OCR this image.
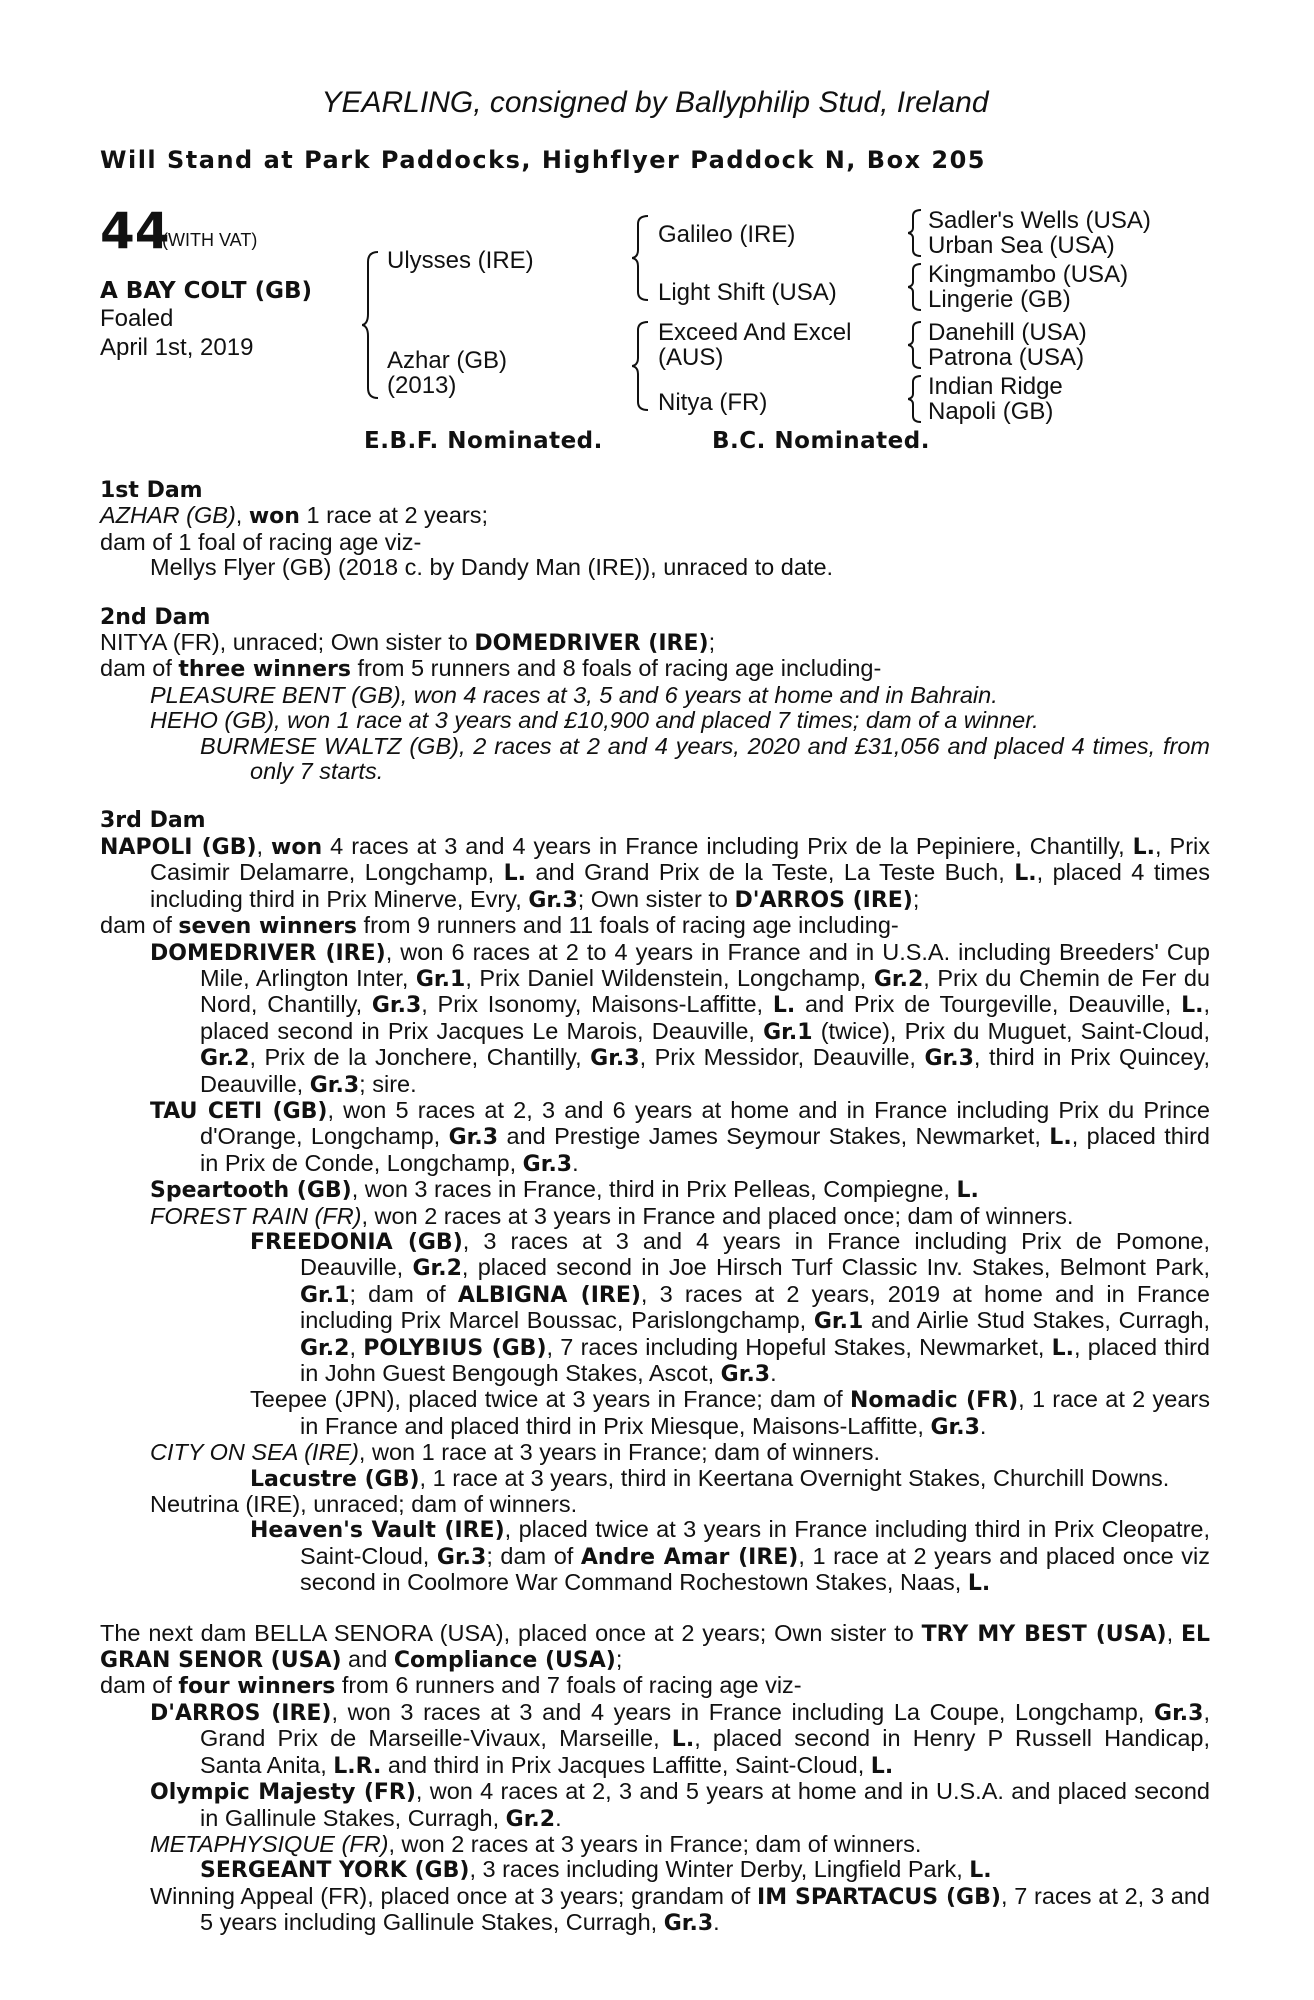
YEARLING, consigned by Ballyphilip Stud, Ireland
Will Stand at Park Paddocks, Highflyer Paddock N, Box 205
44
(WITH VAT)
A BAY COLT (GB)
Foaled
April 1st, 2019
Ulysses (IRE)
Azhar (GB)
(2013)
Galileo (IRE)
Light Shift (USA)
Exceed And Excel
(AUS)
Nitya (FR)
Sadler's Wells (USA)
Urban Sea (USA)
Kingmambo (USA)
Lingerie (GB)
Danehill (USA)
Patrona (USA)
Indian Ridge
Napoli (GB)
E.B.F. Nominated.	B.C. Nominated.

1st Dam

AZHAR (GB), won 1 race at 2 years;

dam of 1 foal of racing age viz-

Mellys Flyer (GB) (2018 c. by Dandy Man (IRE)), unraced to date.

2nd Dam

NITYA (FR), unraced; Own sister to DOMEDRIVER (IRE);

dam of three winners from 5 runners and 8 foals of racing age including-

PLEASURE BENT (GB), won 4 races at 3, 5 and 6 years at home and in Bahrain.

HEHO (GB), won 1 race at 3 years and £10,900 and placed 7 times; dam of a winner.

BURMESE WALTZ (GB), 2 races at 2 and 4 years, 2020 and £31,056 and placed 4 times, from only 7 starts.

3rd Dam

NAPOLI (GB), won 4 races at 3 and 4 years in France including Prix de la Pepiniere, Chantilly, L., Prix Casimir Delamarre, Longchamp, L. and Grand Prix de la Teste, La Teste Buch, L., placed 4 times including third in Prix Minerve, Evry, Gr.3; Own sister to D'ARROS (IRE);

dam of seven winners from 9 runners and 11 foals of racing age including-

DOMEDRIVER (IRE), won 6 races at 2 to 4 years in France and in U.S.A. including Breeders' Cup Mile, Arlington Inter, Gr.1, Prix Daniel Wildenstein, Longchamp, Gr.2, Prix du Chemin de Fer du Nord, Chantilly, Gr.3, Prix Isonomy, Maisons-Laffitte, L. and Prix de Tourgeville, Deauville, L., placed second in Prix Jacques Le Marois, Deauville, Gr.1 (twice), Prix du Muguet, Saint-Cloud, Gr.2, Prix de la Jonchere, Chantilly, Gr.3, Prix Messidor, Deauville, Gr.3, third in Prix Quincey, Deauville, Gr.3; sire.

TAU CETI (GB), won 5 races at 2, 3 and 6 years at home and in France including Prix du Prince d'Orange, Longchamp, Gr.3 and Prestige James Seymour Stakes, Newmarket, L., placed third in Prix de Conde, Longchamp, Gr.3.

Speartooth (GB), won 3 races in France, third in Prix Pelleas, Compiegne, L.

FOREST RAIN (FR), won 2 races at 3 years in France and placed once; dam of winners.

FREEDONIA (GB), 3 races at 3 and 4 years in France including Prix de Pomone, Deauville, Gr.2, placed second in Joe Hirsch Turf Classic Inv. Stakes, Belmont Park, Gr.1; dam of ALBIGNA (IRE), 3 races at 2 years, 2019 at home and in France including Prix Marcel Boussac, Parislongchamp, Gr.1 and Airlie Stud Stakes, Curragh, Gr.2, POLYBIUS (GB), 7 races including Hopeful Stakes, Newmarket, L., placed third in John Guest Bengough Stakes, Ascot, Gr.3.

Teepee (JPN), placed twice at 3 years in France; dam of Nomadic (FR), 1 race at 2 years in France and placed third in Prix Miesque, Maisons-Laffitte, Gr.3.

CITY ON SEA (IRE), won 1 race at 3 years in France; dam of winners.

Lacustre (GB), 1 race at 3 years, third in Keertana Overnight Stakes, Churchill Downs.

Neutrina (IRE), unraced; dam of winners.

Heaven's Vault (IRE), placed twice at 3 years in France including third in Prix Cleopatre, Saint-Cloud, Gr.3; dam of Andre Amar (IRE), 1 race at 2 years and placed once viz second in Coolmore War Command Rochestown Stakes, Naas, L.

The next dam BELLA SENORA (USA), placed once at 2 years; Own sister to TRY MY BEST (USA), EL GRAN SENOR (USA) and Compliance (USA);

dam of four winners from 6 runners and 7 foals of racing age viz-

D'ARROS (IRE), won 3 races at 3 and 4 years in France including La Coupe, Longchamp, Gr.3, Grand Prix de Marseille-Vivaux, Marseille, L., placed second in Henry P Russell Handicap, Santa Anita, L.R. and third in Prix Jacques Laffitte, Saint-Cloud, L.

Olympic Majesty (FR), won 4 races at 2, 3 and 5 years at home and in U.S.A. and placed second in Gallinule Stakes, Curragh, Gr.2.

METAPHYSIQUE (FR), won 2 races at 3 years in France; dam of winners.

SERGEANT YORK (GB), 3 races including Winter Derby, Lingfield Park, L.

Winning Appeal (FR), placed once at 3 years; grandam of IM SPARTACUS (GB), 7 races at 2, 3 and 5 years including Gallinule Stakes, Curragh, Gr.3.
